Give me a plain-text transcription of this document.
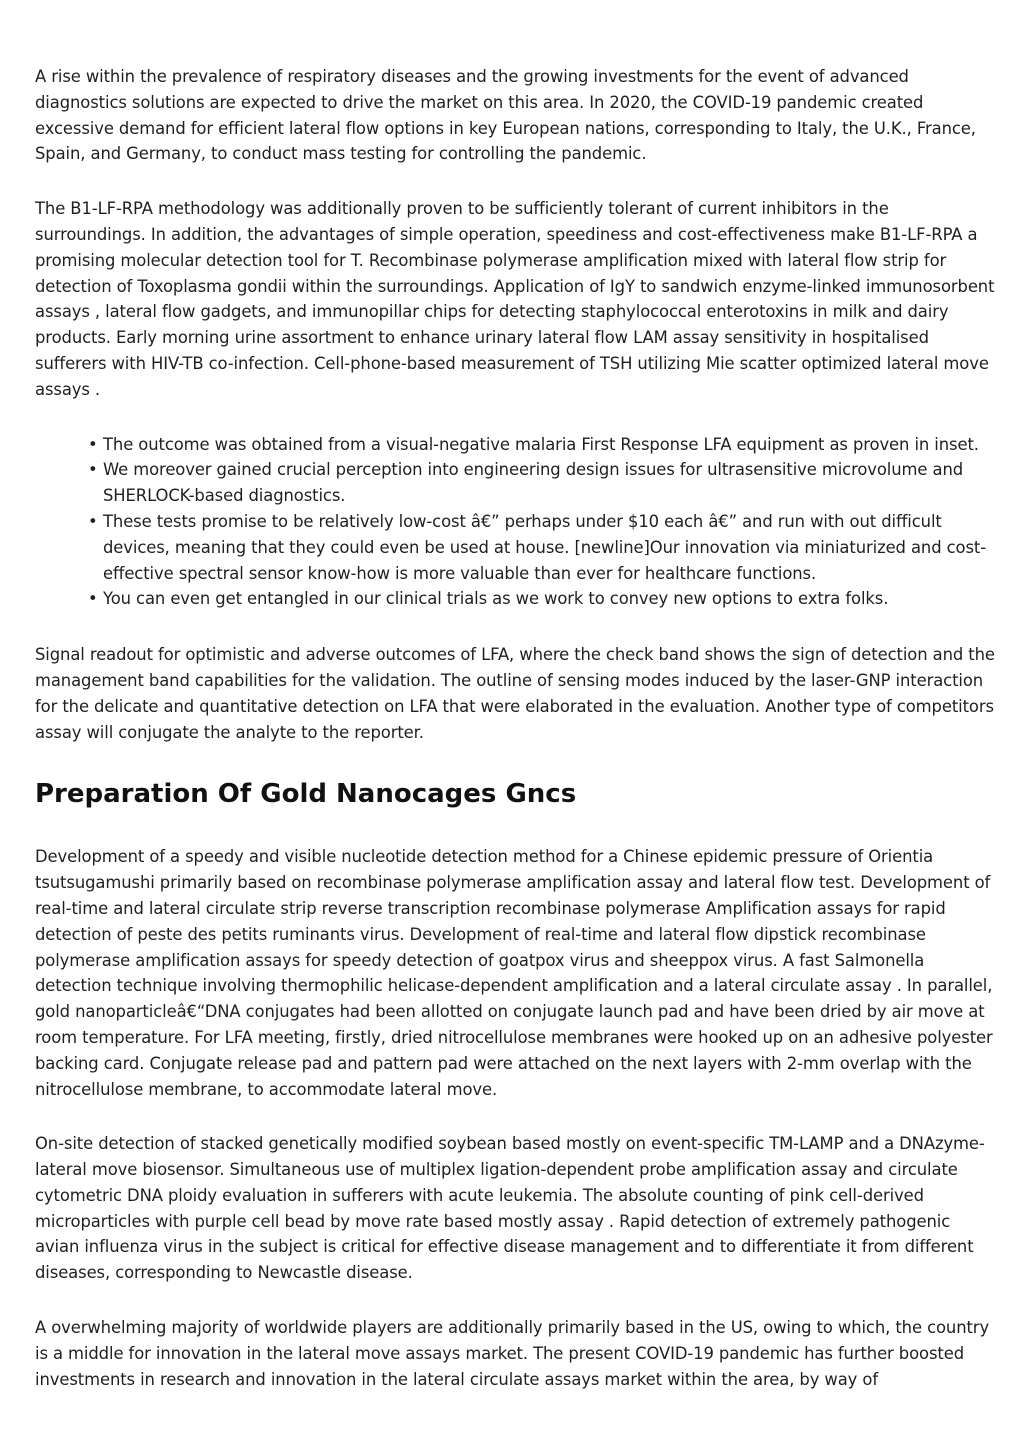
A rise within the prevalence of respiratory diseases and the growing investments for the event of advanced diagnostics solutions are expected to drive the market on this area. In 2020, the COVID-19 pandemic created excessive demand for efficient lateral flow options in key European nations, corresponding to Italy, the U.K., France, Spain, and Germany, to conduct mass testing for controlling the pandemic.

The B1-LF-RPA methodology was additionally proven to be sufficiently tolerant of current inhibitors in the surroundings. In addition, the advantages of simple operation, speediness and cost-effectiveness make B1-LF-RPA a promising molecular detection tool for T. Recombinase polymerase amplification mixed with lateral flow strip for detection of Toxoplasma gondii within the surroundings. Application of IgY to sandwich enzyme-linked immunosorbent assays , lateral flow gadgets, and immunopillar chips for detecting staphylococcal enterotoxins in milk and dairy products. Early morning urine assortment to enhance urinary lateral flow LAM assay sensitivity in hospitalised sufferers with HIV-TB co-infection. Cell-phone-based measurement of TSH utilizing Mie scatter optimized lateral move assays .

• The outcome was obtained from a visual-negative malaria First Response LFA equipment as proven in inset.
• We moreover gained crucial perception into engineering design issues for ultrasensitive microvolume and SHERLOCK-based diagnostics.
• These tests promise to be relatively low-cost â€” perhaps under $10 each â€” and run with out difficult devices, meaning that they could even be used at house. [newline]Our innovation via miniaturized and cost-effective spectral sensor know-how is more valuable than ever for healthcare functions.
• You can even get entangled in our clinical trials as we work to convey new options to extra folks.

Signal readout for optimistic and adverse outcomes of LFA, where the check band shows the sign of detection and the management band capabilities for the validation. The outline of sensing modes induced by the laser-GNP interaction for the delicate and quantitative detection on LFA that were elaborated in the evaluation. Another type of competitors assay will conjugate the analyte to the reporter.

Preparation Of Gold Nanocages Gncs

Development of a speedy and visible nucleotide detection method for a Chinese epidemic pressure of Orientia tsutsugamushi primarily based on recombinase polymerase amplification assay and lateral flow test. Development of real-time and lateral circulate strip reverse transcription recombinase polymerase Amplification assays for rapid detection of peste des petits ruminants virus. Development of real-time and lateral flow dipstick recombinase polymerase amplification assays for speedy detection of goatpox virus and sheeppox virus. A fast Salmonella detection technique involving thermophilic helicase-dependent amplification and a lateral circulate assay . In parallel, gold nanoparticleâ€“DNA conjugates had been allotted on conjugate launch pad and have been dried by air move at room temperature. For LFA meeting, firstly, dried nitrocellulose membranes were hooked up on an adhesive polyester backing card. Conjugate release pad and pattern pad were attached on the next layers with 2-mm overlap with the nitrocellulose membrane, to accommodate lateral move.

On-site detection of stacked genetically modified soybean based mostly on event-specific TM-LAMP and a DNAzyme- lateral move biosensor. Simultaneous use of multiplex ligation-dependent probe amplification assay and circulate cytometric DNA ploidy evaluation in sufferers with acute leukemia. The absolute counting of pink cell-derived microparticles with purple cell bead by move rate based mostly assay . Rapid detection of extremely pathogenic avian influenza virus in the subject is critical for effective disease management and to differentiate it from different diseases, corresponding to Newcastle disease.

A overwhelming majority of worldwide players are additionally primarily based in the US, owing to which, the country is a middle for innovation in the lateral move assays market. The present COVID-19 pandemic has further boosted investments in research and innovation in the lateral circulate assays market within the area, by way of
